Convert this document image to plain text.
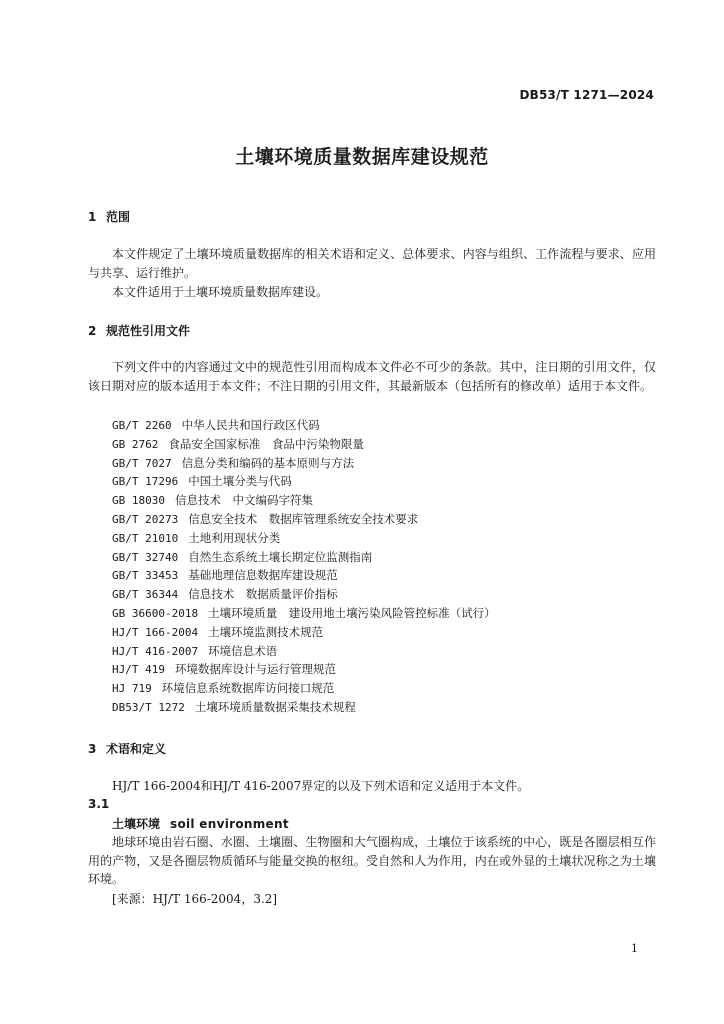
DB53/T 1271—2024
土壤环境质量数据库建设规范
1 范围
本文件规定了土壤环境质量数据库的相关术语和定义、总体要求、内容与组织、工作流程与要求、应用与共享、运行维护。
本文件适用于土壤环境质量数据库建设。
2 规范性引用文件
下列文件中的内容通过文中的规范性引用而构成本文件必不可少的条款。其中，注日期的引用文件，仅该日期对应的版本适用于本文件；不注日期的引用文件，其最新版本（包括所有的修改单）适用于本文件。
GB/T 2260 中华人民共和国行政区代码
GB 2762 食品安全国家标准　食品中污染物限量
GB/T 7027 信息分类和编码的基本原则与方法
GB/T 17296 中国土壤分类与代码
GB 18030 信息技术　中文编码字符集
GB/T 20273 信息安全技术　数据库管理系统安全技术要求
GB/T 21010 土地利用现状分类
GB/T 32740 自然生态系统土壤长期定位监测指南
GB/T 33453 基础地理信息数据库建设规范
GB/T 36344 信息技术　数据质量评价指标
GB 36600-2018 土壤环境质量　建设用地土壤污染风险管控标准（试行）
HJ/T 166-2004 土壤环境监测技术规范
HJ/T 416-2007 环境信息术语
HJ/T 419 环境数据库设计与运行管理规范
HJ 719 环境信息系统数据库访问接口规范
DB53/T 1272 土壤环境质量数据采集技术规程
3 术语和定义
HJ/T 166-2004和HJ/T 416-2007界定的以及下列术语和定义适用于本文件。
3.1
土壤环境 soil environment
地球环境由岩石圈、水圈、土壤圈、生物圈和大气圈构成，土壤位于该系统的中心，既是各圈层相互作用的产物，又是各圈层物质循环与能量交换的枢纽。受自然和人为作用，内在或外显的土壤状况称之为土壤环境。
[来源：HJ/T 166-2004，3.2]
1
